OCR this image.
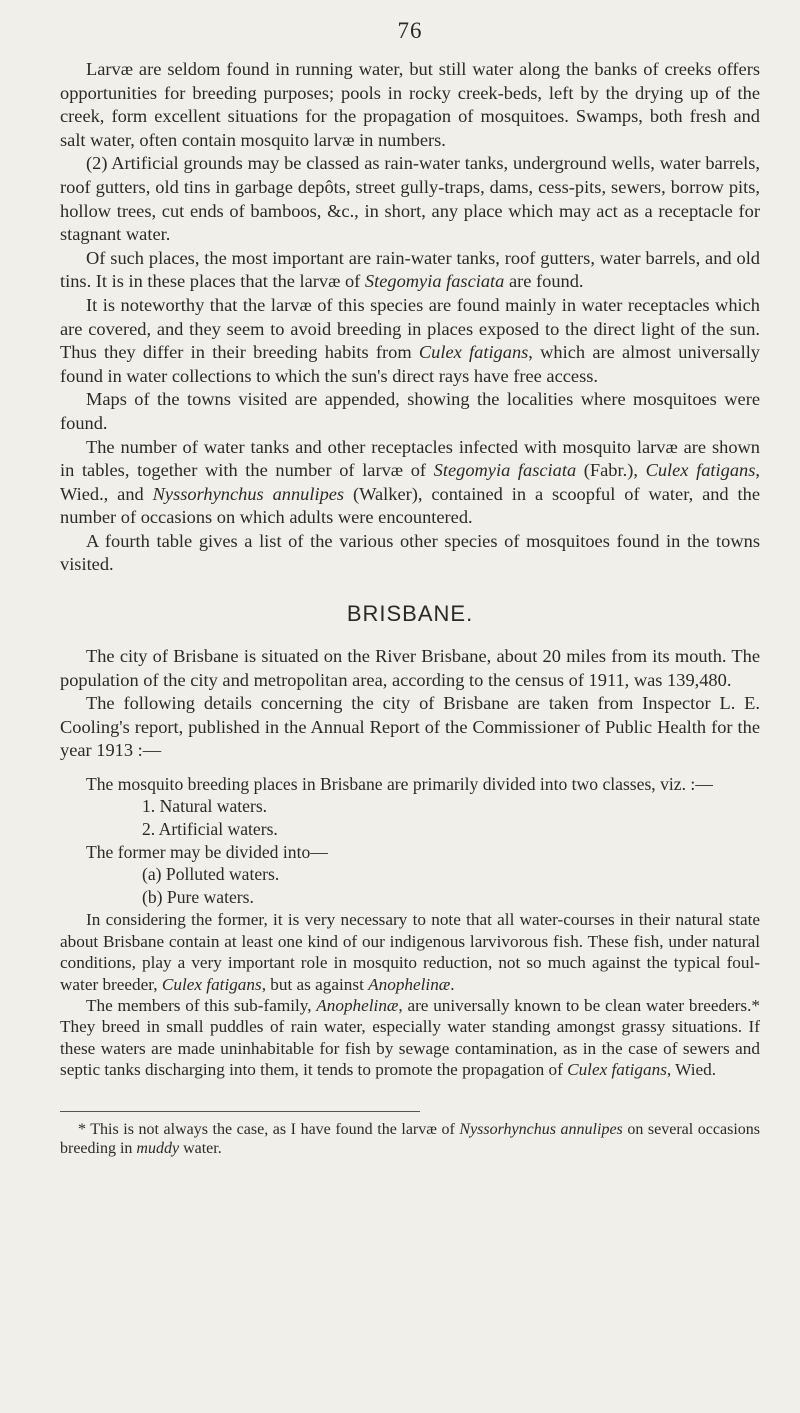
76

Larvæ are seldom found in running water, but still water along the banks of creeks offers opportunities for breeding purposes; pools in rocky creek-beds, left by the drying up of the creek, form excellent situations for the propagation of mosquitoes. Swamps, both fresh and salt water, often contain mosquito larvæ in numbers.

(2) Artificial grounds may be classed as rain-water tanks, underground wells, water barrels, roof gutters, old tins in garbage depôts, street gully-traps, dams, cess-pits, sewers, borrow pits, hollow trees, cut ends of bamboos, &c., in short, any place which may act as a receptacle for stagnant water.

Of such places, the most important are rain-water tanks, roof gutters, water barrels, and old tins. It is in these places that the larvæ of Stegomyia fasciata are found.

It is noteworthy that the larvæ of this species are found mainly in water receptacles which are covered, and they seem to avoid breeding in places exposed to the direct light of the sun. Thus they differ in their breeding habits from Culex fatigans, which are almost universally found in water collections to which the sun's direct rays have free access.

Maps of the towns visited are appended, showing the localities where mosquitoes were found.

The number of water tanks and other receptacles infected with mosquito larvæ are shown in tables, together with the number of larvæ of Stegomyia fasciata (Fabr.), Culex fatigans, Wied., and Nyssorhynchus annulipes (Walker), contained in a scoopful of water, and the number of occasions on which adults were encountered.

A fourth table gives a list of the various other species of mosquitoes found in the towns visited.

BRISBANE.

The city of Brisbane is situated on the River Brisbane, about 20 miles from its mouth. The population of the city and metropolitan area, according to the census of 1911, was 139,480.

The following details concerning the city of Brisbane are taken from Inspector L. E. Cooling's report, published in the Annual Report of the Commissioner of Public Health for the year 1913 :—

The mosquito breeding places in Brisbane are primarily divided into two classes, viz. :—

1. Natural waters.
2. Artificial waters.

The former may be divided into—

(a) Polluted waters.
(b) Pure waters.

In considering the former, it is very necessary to note that all water-courses in their natural state about Brisbane contain at least one kind of our indigenous larvivorous fish. These fish, under natural conditions, play a very important role in mosquito reduction, not so much against the typical foul-water breeder, Culex fatigans, but as against Anophelinæ.

The members of this sub-family, Anophelinæ, are universally known to be clean water breeders.* They breed in small puddles of rain water, especially water standing amongst grassy situations. If these waters are made uninhabitable for fish by sewage contamination, as in the case of sewers and septic tanks discharging into them, it tends to promote the propagation of Culex fatigans, Wied.

* This is not always the case, as I have found the larvæ of Nyssorhynchus annulipes on several occasions breeding in muddy water.
